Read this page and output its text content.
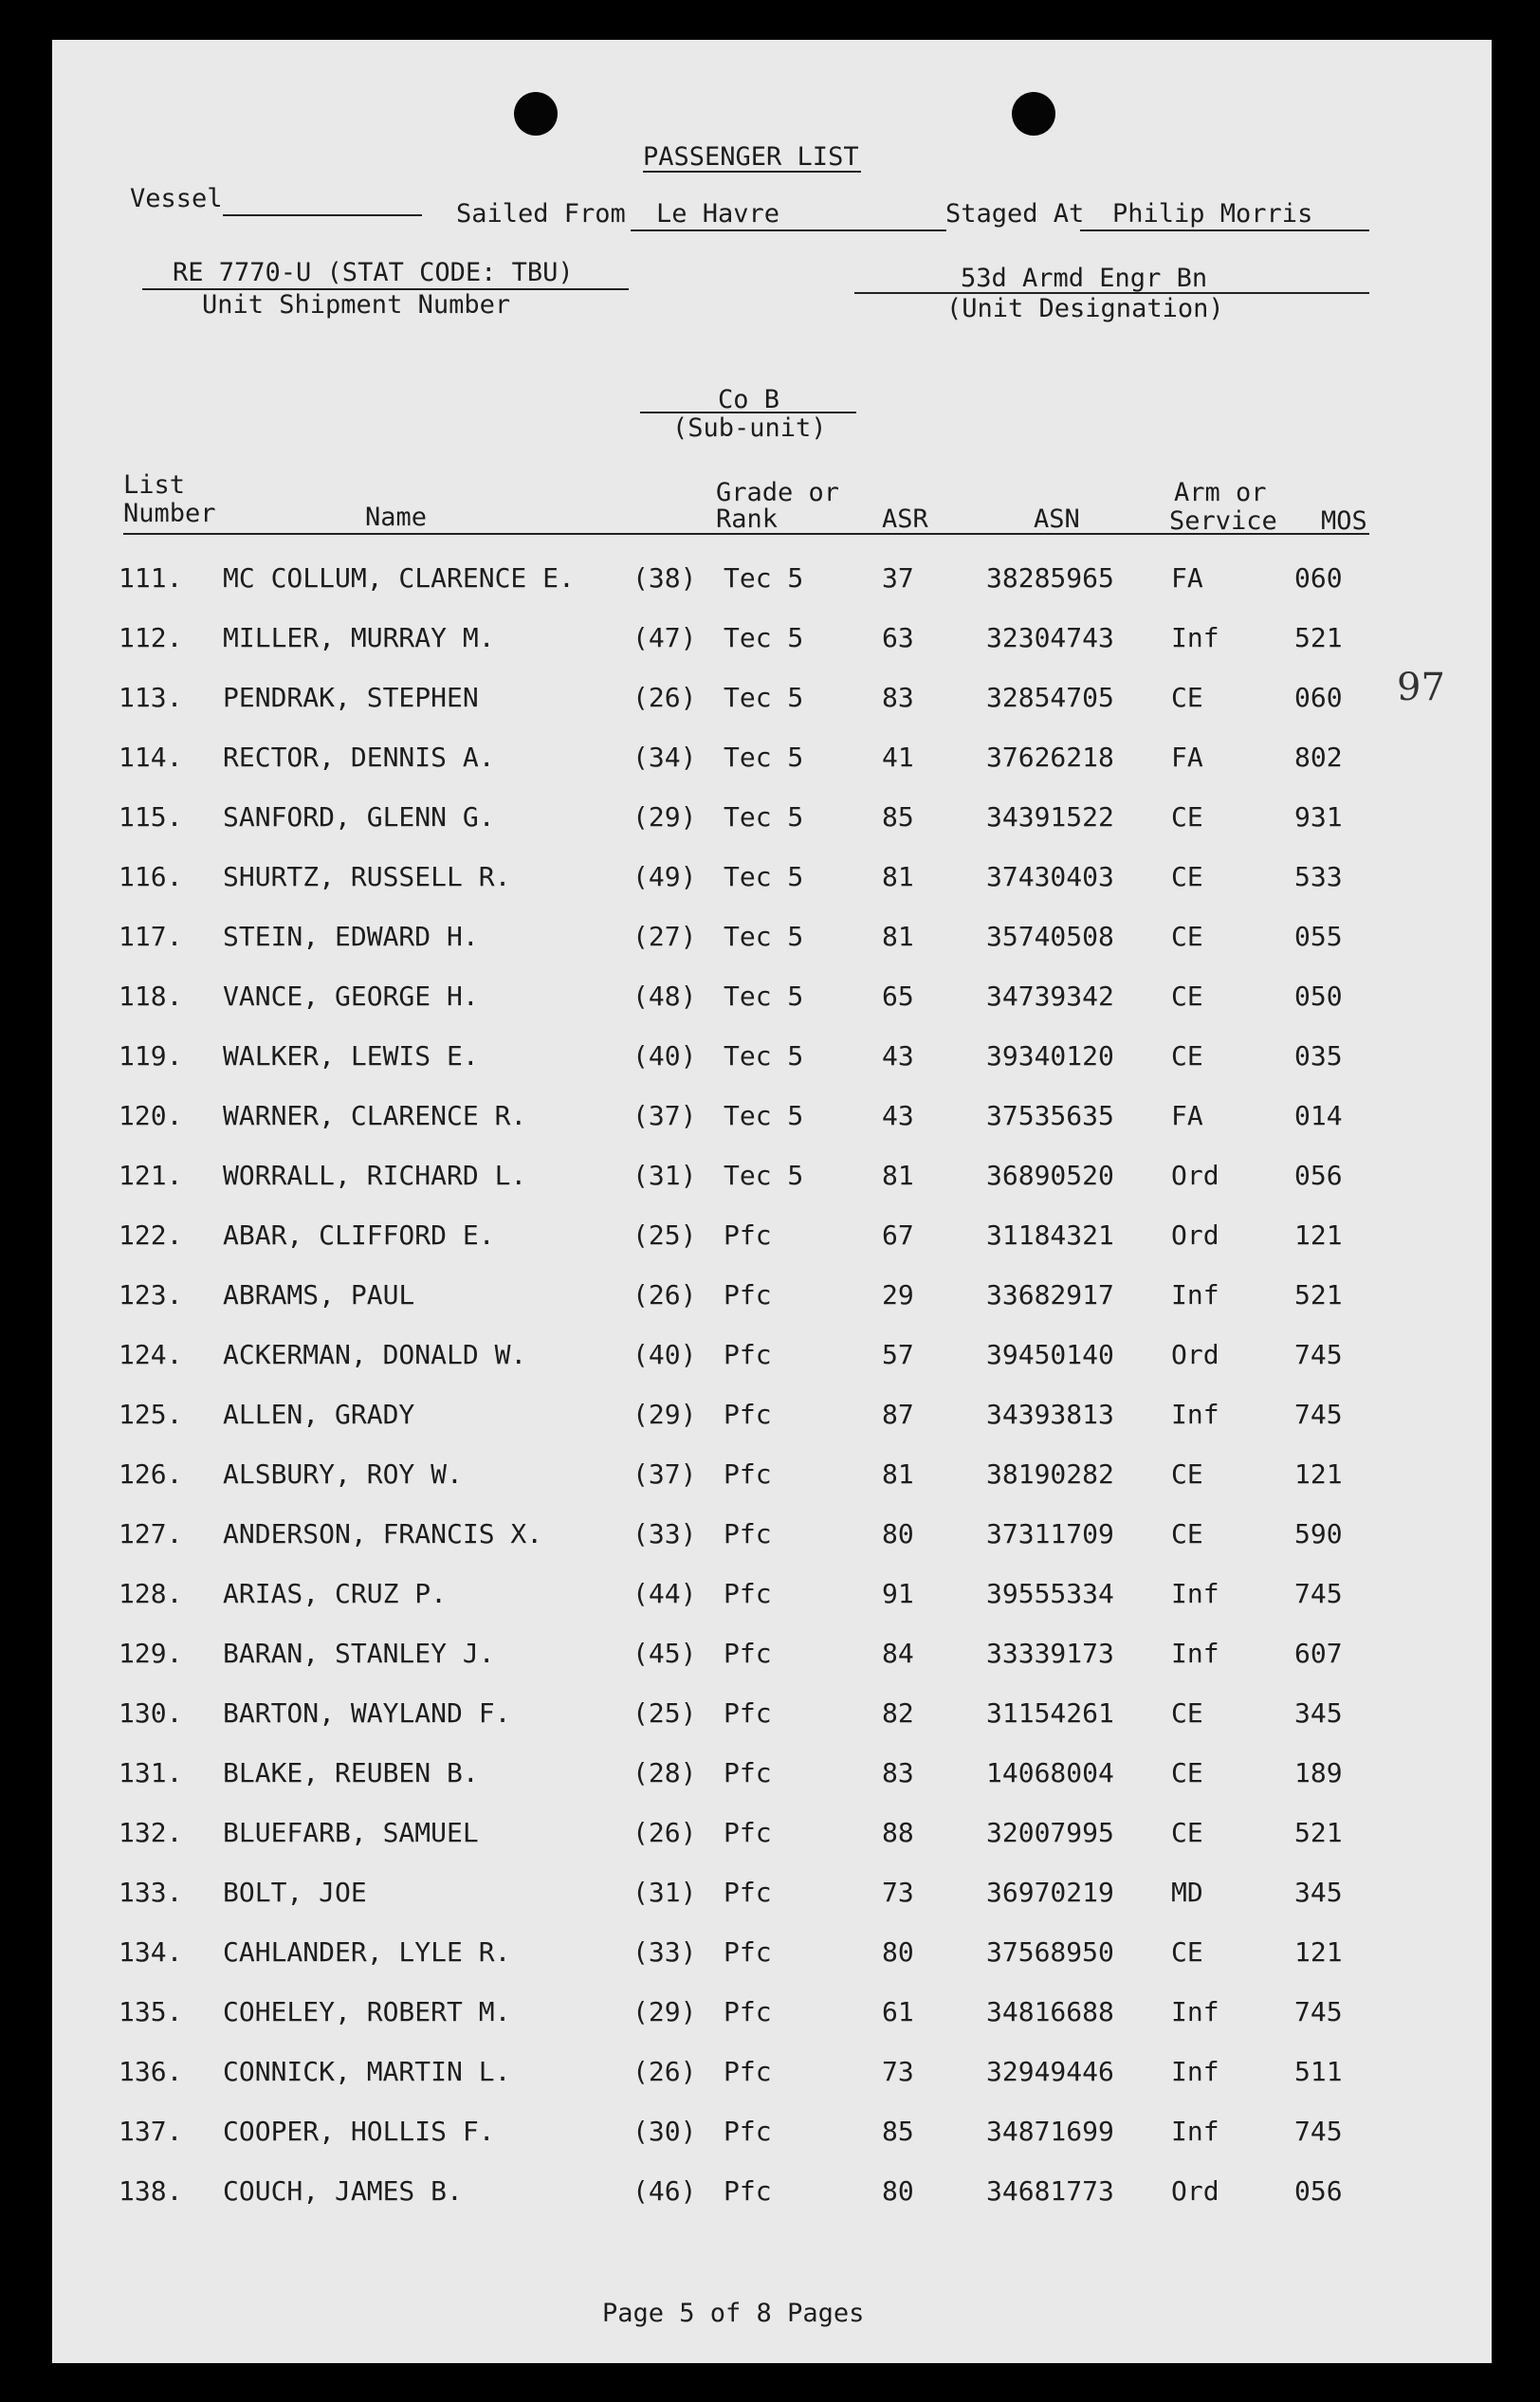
PASSENGER LIST
Vessel
Sailed From Le Havre	Staged At Philip Morris
RE 7770-U (STAT CODE: TBU)
Unit Shipment Number
53d Armd Engr Bn
(Unit Designation)
Co B
(Sub-unit)
List
Number	Name
Grade or
Rank	ASR	ASN
Arm or
Service MOS
111. MC COLLUM, CLARENCE E. (38) Tec 5	37	38285965 FA	060
112. MILLER, MURRAY M.	(47) Tec 5	63	32304743 Inf	521
113. PENDRAK, STEPHEN	(26) Tec 5	83	32854705 CE	060
114. RECTOR, DENNIS A.	(34) Tec 5	41	37626218 FA	802
115. SANFORD, GLENN G.	(29) Tec 5	85	34391522 CE	931
116. SHURTZ, RUSSELL R.	(49) Tec 5	81	37430403 CE	533
117. STEIN, EDWARD H.	(27) Tec 5	81	35740508 CE	055
118. VANCE, GEORGE H.	(48) Tec 5	65	34739342 CE	050
119. WALKER, LEWIS E.	(40) Tec 5	43	39340120 CE	035
120. WARNER, CLARENCE R.	(37) Tec 5	43	37535635 FA	014
121. WORRALL, RICHARD L.	(31) Tec 5	81	36890520 Ord	056
122. ABAR, CLIFFORD E.	(25) Pfc	67	31184321 Ord	121
123. ABRAMS, PAUL	(26) Pfc	29	33682917 Inf	521
124. ACKERMAN, DONALD W.	(40) Pfc	57	39450140 Ord	745
125. ALLEN, GRADY	(29) Pfc	87	34393813 Inf	745
126. ALSBURY, ROY W.	(37) Pfc	81	38190282 CE	121
127. ANDERSON, FRANCIS X.	(33) Pfc	80	37311709 CE	590
128. ARIAS, CRUZ P.	(44) Pfc	91	39555334 Inf	745
129. BARAN, STANLEY J.	(45) Pfc	84	33339173 Inf	607
130. BARTON, WAYLAND F.	(25) Pfc	82	31154261 CE	345
131. BLAKE, REUBEN B.	(28) Pfc	83	14068004 CE	189
132. BLUEFARB, SAMUEL	(26) Pfc	88	32007995 CE	521
133. BOLT, JOE	(31) Pfc	73	36970219 MD	345
134. CAHLANDER, LYLE R.	(33) Pfc	80	37568950 CE	121
135. COHELEY, ROBERT M.	(29) Pfc	61	34816688 Inf	745
136. CONNICK, MARTIN L.	(26) Pfc	73	32949446 Inf	511
137. COOPER, HOLLIS F.	(30) Pfc	85	34871699 Inf	745
138. COUCH, JAMES B.	(46) Pfc	80	34681773 Ord	056
97
Page 5 of 8 Pages
